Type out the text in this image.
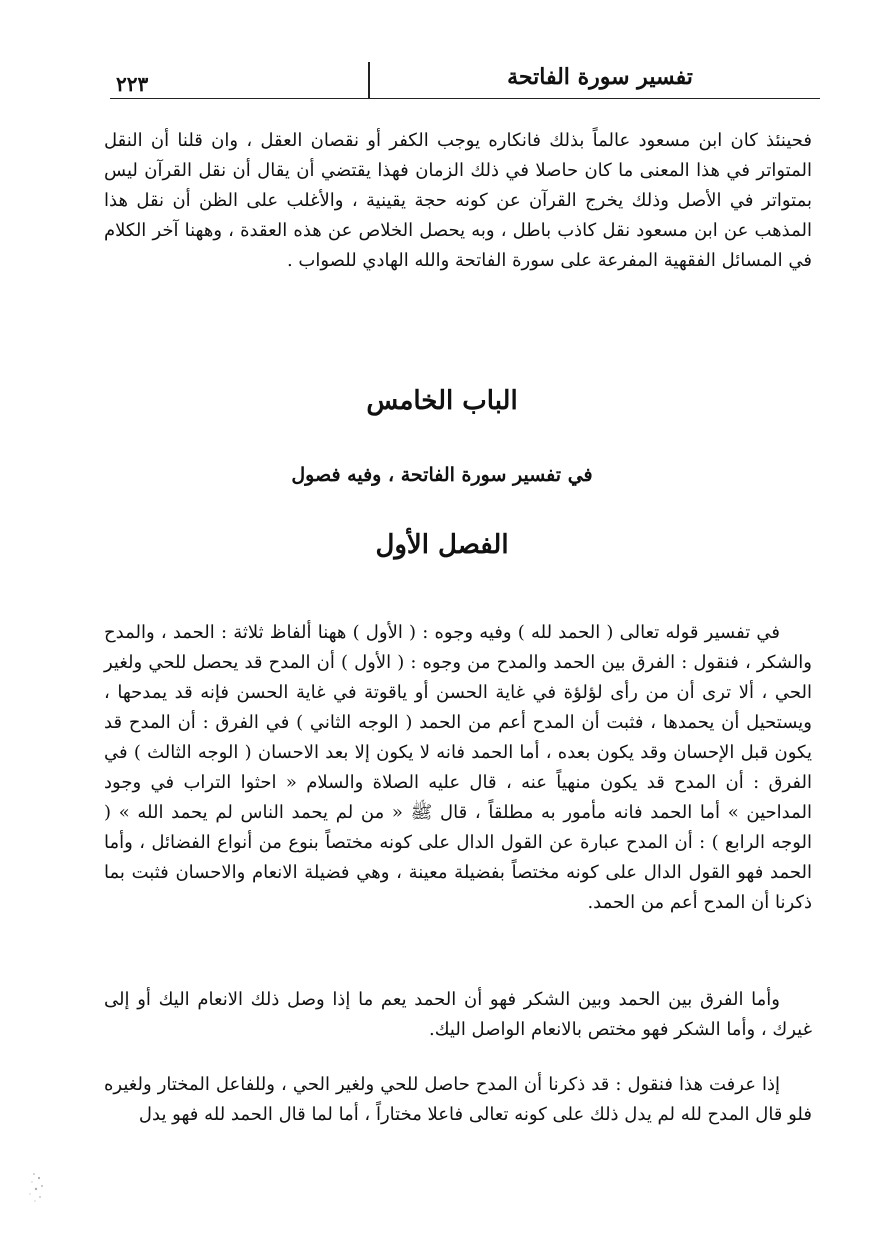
٢٢٣	تفسير سورة الفاتحة

فحينئذ كان ابن مسعود عالماً بذلك فانكاره يوجب الكفر أو نقصان العقل ، وان قلنا أن النقل المتواتر في هذا المعنى ما كان حاصلا في ذلك الزمان فهذا يقتضي أن يقال أن نقل القرآن ليس بمتواتر في الأصل وذلك يخرج القرآن عن كونه حجة يقينية ، والأغلب على الظن أن نقل هذا المذهب عن ابن مسعود نقل كاذب باطل ، وبه يحصل الخلاص عن هذه العقدة ، وههنا آخر الكلام في المسائل الفقهية المفرعة على سورة الفاتحة والله الهادي للصواب .

الباب الخامس
في تفسير سورة الفاتحة ، وفيه فصول
الفصل الأول

في تفسير قوله تعالى ( الحمد لله ) وفيه وجوه : ( الأول ) ههنا ألفاظ ثلاثة : الحمد ، والمدح والشكر ، فنقول : الفرق بين الحمد والمدح من وجوه : ( الأول ) أن المدح قد يحصل للحي ولغير الحي ، ألا ترى أن من رأى لؤلؤة في غاية الحسن أو ياقوتة في غاية الحسن فإنه قد يمدحها ، ويستحيل أن يحمدها ، فثبت أن المدح أعم من الحمد ( الوجه الثاني ) في الفرق : أن المدح قد يكون قبل الإحسان وقد يكون بعده ، أما الحمد فانه لا يكون إلا بعد الاحسان ( الوجه الثالث ) في الفرق : أن المدح قد يكون منهياً عنه ، قال عليه الصلاة والسلام « احثوا التراب في وجود المداحين » أما الحمد فانه مأمور به مطلقاً ، قال ﷺ « من لم يحمد الناس لم يحمد الله » ( الوجه الرابع ) : أن المدح عبارة عن القول الدال على كونه مختصاً بنوع من أنواع الفضائل ، وأما الحمد فهو القول الدال على كونه مختصاً بفضيلة معينة ، وهي فضيلة الانعام والاحسان فثبت بما ذكرنا أن المدح أعم من الحمد.

وأما الفرق بين الحمد وبين الشكر فهو أن الحمد يعم ما إذا وصل ذلك الانعام اليك أو إلى غيرك ، وأما الشكر فهو مختص بالانعام الواصل اليك.

إذا عرفت هذا فنقول : قد ذكرنا أن المدح حاصل للحي ولغير الحي ، وللفاعل المختار ولغيره فلو قال المدح لله لم يدل ذلك على كونه تعالى فاعلا مختاراً ، أما لما قال الحمد لله فهو يدل
